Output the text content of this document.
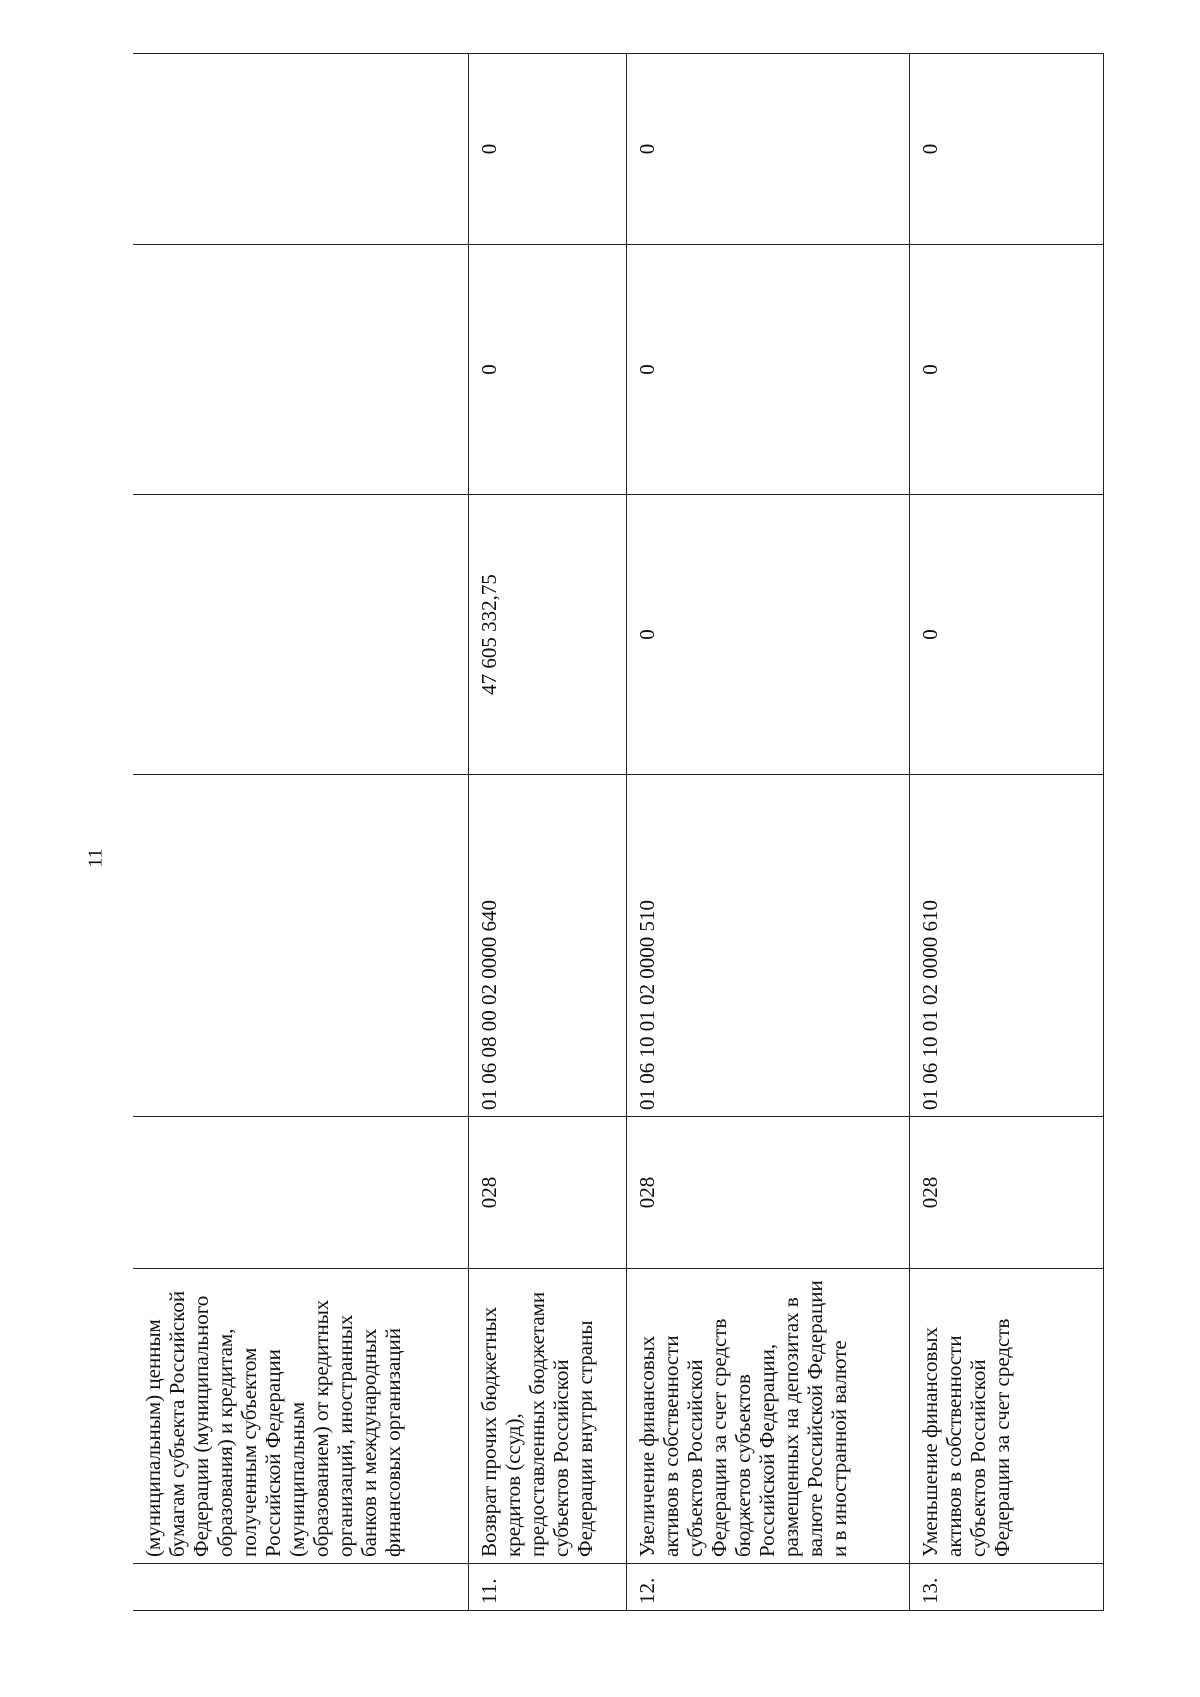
11
	(муниципальным) ценным бумагам субъекта Российской Федерации (муниципального образования) и кредитам, полученным субъектом Российской Федерации (муниципальным образованием) от кредитных организаций, иностранных банков и международных финансовых организаций					
11.	Возврат прочих бюджетных кредитов (ссуд), предоставленных бюджетами субъектов Российской Федерации внутри страны	028	01 06 08 00 02 0000 640	47 605 332,75	0	0
12.	Увеличение финансовых активов в собственности субъектов Российской Федерации за счет средств бюджетов субъектов Российской Федерации, размещенных на депозитах в валюте Российской Федерации и в иностранной валюте	028	01 06 10 01 02 0000 510	0	0	0
13.	Уменьшение финансовых активов в собственности субъектов Российской Федерации за счет средств	028	01 06 10 01 02 0000 610	0	0	0
